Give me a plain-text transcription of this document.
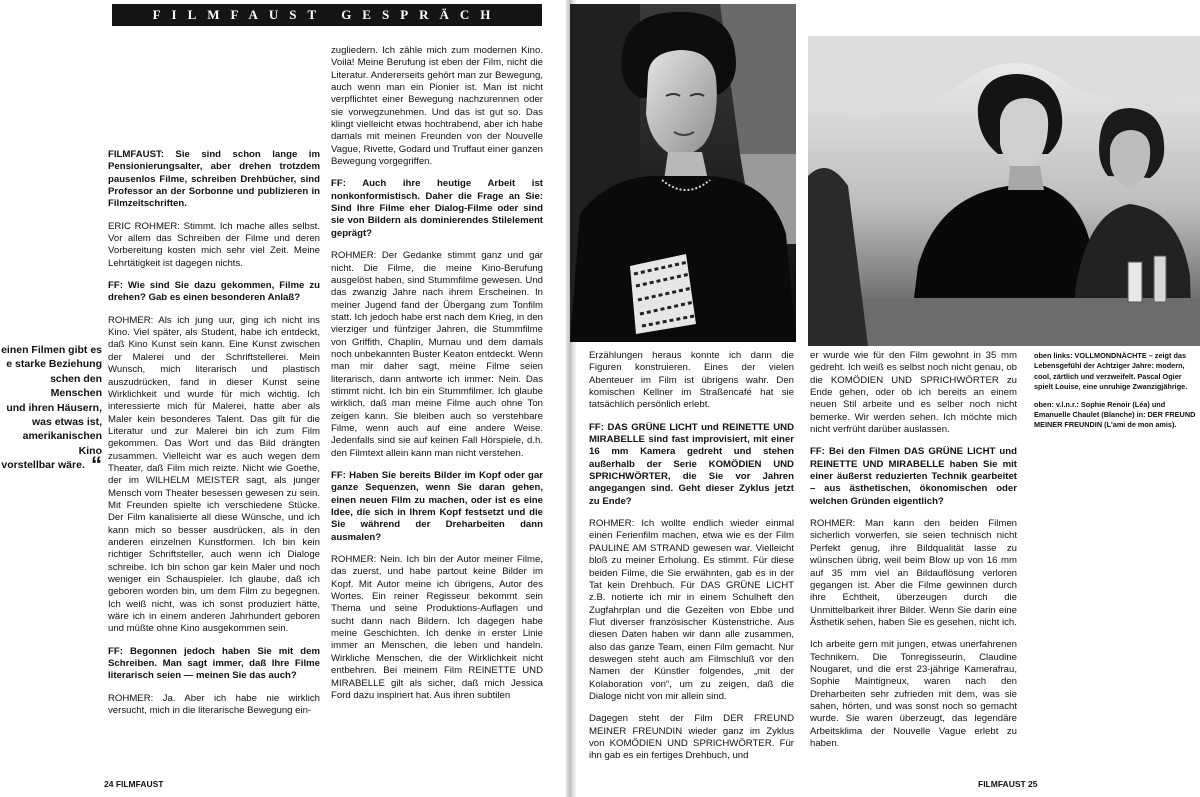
FILMFAUST GESPRÄCH
einen Filmen gibt es
e starke Beziehung
schen den Menschen
und ihren Häusern,
was etwas ist,
amerikanischen Kino
vorstellbar wäre. “

FILMFAUST: Sie sind schon lange im Pensionierungsalter, aber drehen trotzdem pausenlos Filme, schreiben Drehbücher, sind Professor an der Sorbonne und publizieren in Filmzeitschriften.

ERIC ROHMER: Stimmt. Ich mache alles selbst. Vor allem das Schreiben der Filme und deren Vorbereitung kosten mich sehr viel Zeit. Meine Lehrtätigkeit ist dagegen nichts.

FF: Wie sind Sie dazu gekommen, Filme zu drehen? Gab es einen besonderen Anlaß?

ROHMER: Als ich jung uur, ging ich nicht ins Kino. Viel später, als Student, habe ich entdeckt, daß Kino Kunst sein kann. Eine Kunst zwischen der Malerei und der Schriftstellerei. Mein Wunsch, mich literarisch und plastisch auszudrücken, fand in dieser Kunst seine Wirklichkeit und wurde für mich wichtig. Ich interessierte mich für Malerei, hatte aber als Maler kein besonderes Talent. Das gilt für die Literatur und zur Malerei bin ich zum Film gekommen. Das Wort und das Bild drängten zusammen. Vielleicht war es auch wegen dem Theater, daß Film mich reizte. Nicht wie Goethe, der im WILHELM MEISTER sagt, als junger Mensch vom Theater besessen gewesen zu sein. Mit Freunden spielte ich verschiedene Stücke. Der Film kanalisierte all diese Wünsche, und ich kann mich so besser ausdrücken, als in den anderen einzelnen Kunstformen. Ich bin kein richtiger Schriftsteller, auch wenn ich Dialoge schreibe. Ich bin schon gar kein Maler und noch weniger ein Schauspieler. Ich glaube, daß ich geboren worden bin, um dem Film zu begegnen. Ich weiß nicht, was ich sonst produziert hätte, wäre ich in einem anderen Jahrhundert geboren und müßte ohne Kino ausgekommen sein.

FF: Begonnen jedoch haben Sie mit dem Schreiben. Man sagt immer, daß Ihre Filme literarisch seien — meinen Sie das auch?

ROHMER: Ja. Aber ich habe nie wirklich versucht, mich in die literarische Bewegung ein-

zugliedern. Ich zähle mich zum modernen Kino. Voilà! Meine Berufung ist eben der Film, nicht die Literatur. Andererseits gehört man zur Bewegung, auch wenn man ein Pionier ist. Man ist nicht verpflichtet einer Bewegung nachzurennen oder sie vorwegzunehmen. Und das ist gut so. Das klingt vielleicht etwas hochtrabend, aber ich habe damals mit meinen Freunden von der Nouvelle Vague, Rivette, Godard und Truffaut einer ganzen Bewegung vorgegriffen.

FF: Auch ihre heutige Arbeit ist nonkonformistisch. Daher die Frage an Sie: Sind Ihre Filme eher Dialog-Filme oder sind sie von Bildern als dominierendes Stilelement geprägt?

ROHMER: Der Gedanke stimmt ganz und gar nicht. Die Filme, die meine Kino-Berufung ausgelöst haben, sind Stummfilme gewesen. Und das zwanzig Jahre nach ihrem Erscheinen. In meiner Jugend fand der Übergang zum Tonfilm statt. Ich jedoch habe erst nach dem Krieg, in den vierziger und fünfziger Jahren, die Stummfilme von Griffith, Chaplin, Murnau und dem damals noch unbekannten Buster Keaton entdeckt. Wenn man mir daher sagt, meine Filme seien literarisch, dann antworte ich immer: Nein. Das stimmt nicht. Ich bin ein Stummfilmer. Ich glaube wirklich, daß man meine Filme auch ohne Ton zeigen kann. Sie bleiben auch so verstehbare Filme, wenn auch auf eine andere Weise. Jedenfalls sind sie auf keinen Fall Hörspiele, d.h. den Filmtext allein kann man nicht verstehen.

FF: Haben Sie bereits Bilder im Kopf oder gar ganze Sequenzen, wenn Sie daran gehen, einen neuen Film zu machen, oder ist es eine Idee, die sich in Ihrem Kopf festsetzt und die Sie während der Dreharbeiten dann ausmalen?

ROHMER: Nein. Ich bin der Autor meiner Filme, das zuerst, und habe partout keine Bilder im Kopf. Mit Autor meine ich übrigens, Autor des Wortes. Ein reiner Regisseur bekommt sein Thema und seine Produktions-Auflagen und sucht dann nach Bildern. Ich dagegen habe meine Geschichten. Ich denke in erster Linie immer an Menschen, die leben und handeln. Wirkliche Menschen, die der Wirklichkeit nicht entbehren. Bei meinem Film REINETTE UND MIRABELLE gilt als sicher, daß mich Jessica Ford dazu inspiriert hat. Aus ihren subtilen

24 FILMFAUST

Erzählungen heraus konnte ich dann die Figuren konstruieren. Eines der vielen Abenteuer im Film ist übrigens wahr. Den komischen Kellner im Straßencafé hat sie tatsächlich persönlich erlebt.

FF: DAS GRÜNE LICHT und REINETTE UND MIRABELLE sind fast improvisiert, mit einer 16 mm Kamera gedreht und stehen außerhalb der Serie KOMÖDIEN UND SPRICHWÖRTER, die Sie vor Jahren angegangen sind. Geht dieser Zyklus jetzt zu Ende?

ROHMER: Ich wollte endlich wieder einmal einen Ferienfilm machen, etwa wie es der Film PAULINE AM STRAND gewesen war. Vielleicht bloß zu meiner Erholung. Es stimmt. Für diese beiden Filme, die Sie erwähnten, gab es in der Tat kein Drehbuch. Für DAS GRÜNE LICHT z.B. notierte ich mir in einem Schulheft den Zugfahrplan und die Gezeiten von Ebbe und Flut diverser französischer Küstenstriche. Aus diesen Daten haben wir dann alle zusammen, also das ganze Team, einen Film gemacht. Nur deswegen steht auch am Filmschluß vor den Namen der Künstler folgendes, „mit der Kolaboration von“, um zu zeigen, daß die Dialoge nicht von mir allein sind.

Dagegen steht der Film DER FREUND MEINER FREUNDIN wieder ganz im Zyklus von KOMÖDIEN UND SPRICHWÖRTER. Für ihn gab es ein fertiges Drehbuch, und

er wurde wie für den Film gewohnt in 35 mm gedreht. Ich weiß es selbst noch nicht genau, ob die KOMÖDIEN UND SPRICHWÖRTER zu Ende gehen, oder ob ich bereits an einem neuen Stil arbeite und es selber noch nicht bemerke. Wir werden sehen. Ich möchte mich nicht verfrüht darüber auslassen.

FF: Bei den Filmen DAS GRÜNE LICHT und REINETTE UND MIRABELLE haben Sie mit einer äußerst reduzierten Technik gearbeitet – aus ästhetischen, ökonomischen oder welchen Gründen eigentlich?

ROHMER: Man kann den beiden Filmen sicherlich vorwerfen, sie seien technisch nicht Perfekt genug, ihre Bildqualität lasse zu wünschen übrig, weil beim Blow up von 16 mm auf 35 mm viel an Bildauflösung verloren gegangen ist. Aber die Filme gewinnen durch ihre Echtheit, überzeugen durch die Unmittelbarkeit ihrer Bilder. Wenn Sie darin eine Ästhetik sehen, haben Sie es gesehen, nicht ich.

Ich arbeite gern mit jungen, etwas unerfahrenen Technikern. Die Tonregisseurin, Claudine Nougaret, und die erst 23-jährige Kamerafrau, Sophie Maintigneux, waren nach den Dreharbeiten sehr zufrieden mit dem, was sie sahen, hörten, und was sonst noch so gemacht wurde. Sie waren überzeugt, das legendäre Arbeitsklima der Nouvelle Vague erlebt zu haben.

oben links: VOLLMONDNÄCHTE – zeigt das Lebensgefühl der Achtziger Jahre: modern, cool, zärtlich und verzweifelt. Pascal Ogier spielt Louise, eine unruhige Zwanzigjährige.

oben: v.l.n.r.: Sophie Renoir (Léa) und Emanuelle Chaulet (Blanche) in: DER FREUND MEINER FREUNDIN (L'ami de mon amis).

FILMFAUST 25
